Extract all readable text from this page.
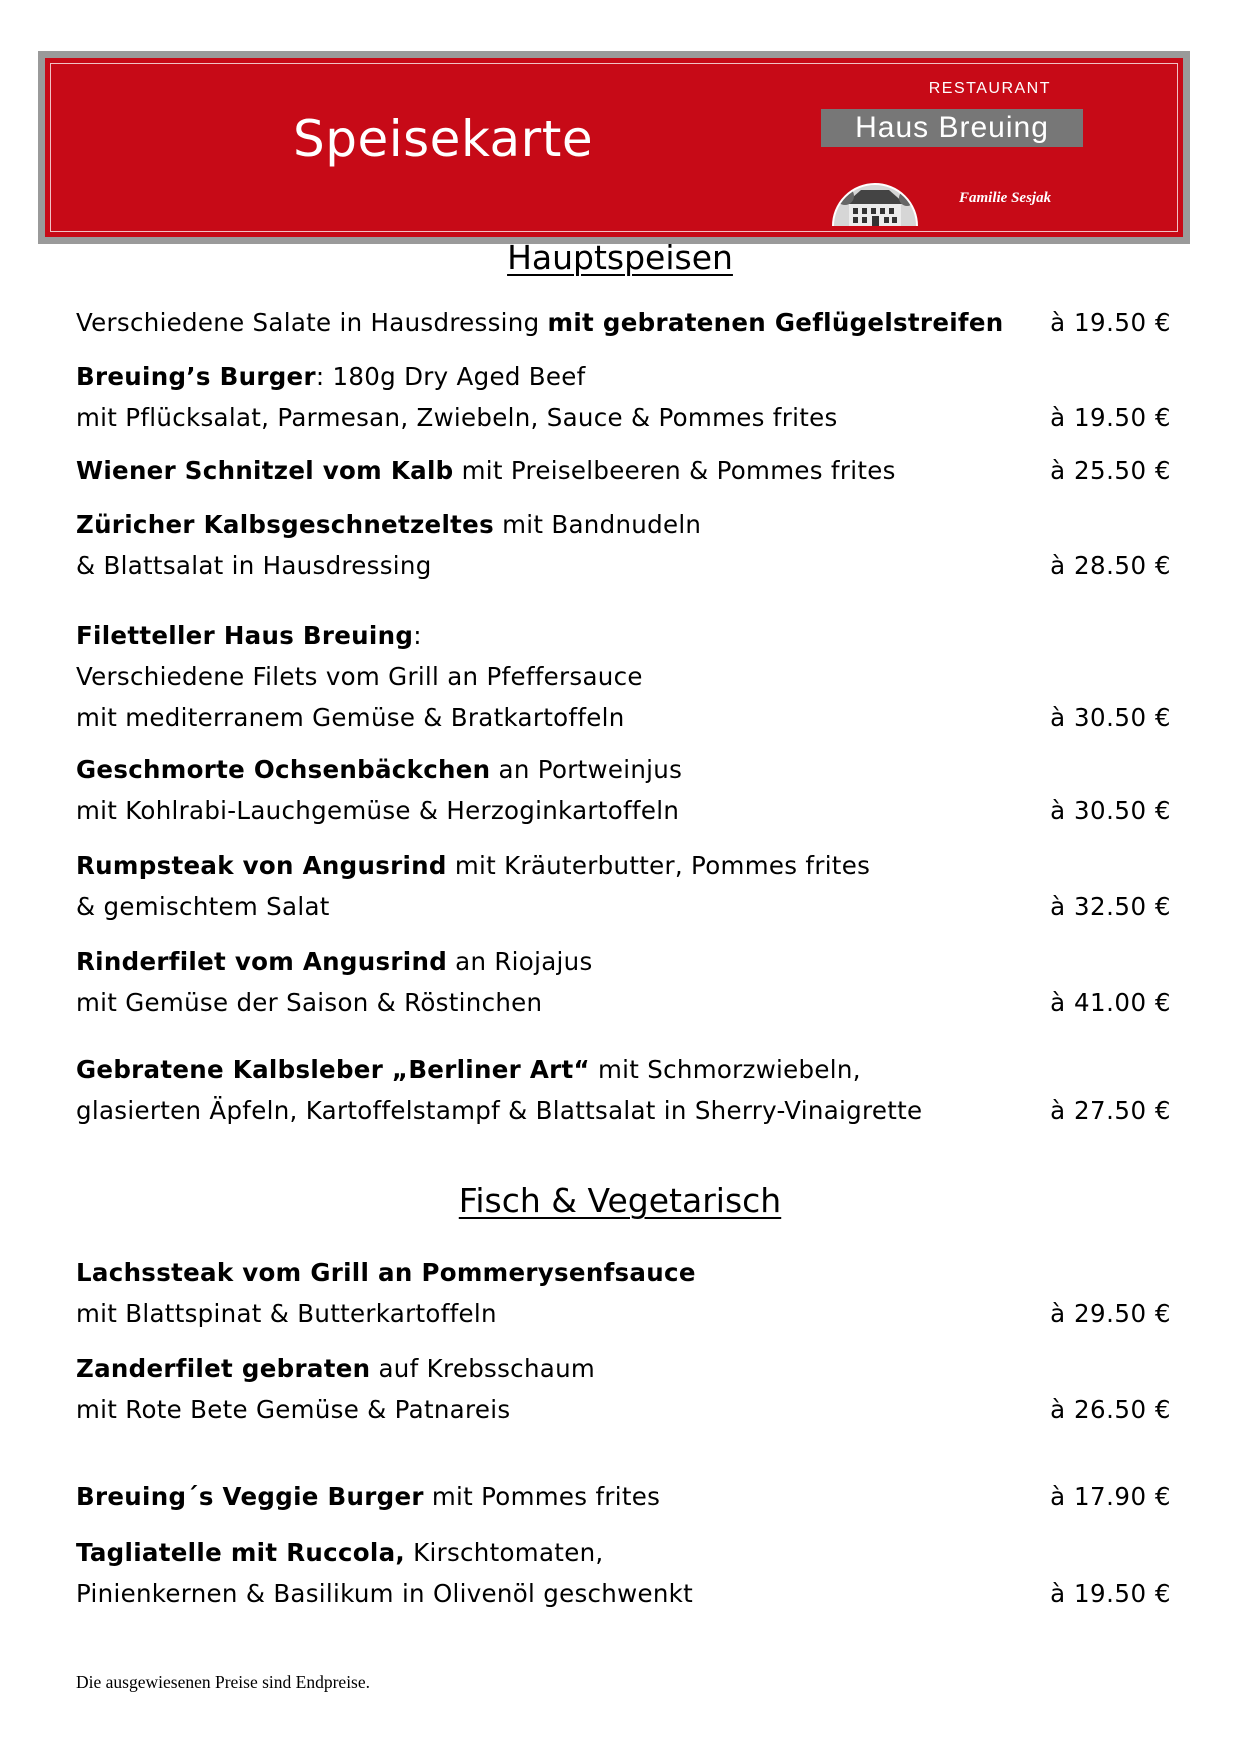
Speisekarte
RESTAURANT
Haus Breuing
Familie Sesjak
Hauptspeisen
Fisch & Vegetarisch
Verschiedene Salate in Hausdressing mit gebratenen Geflügelstreifen	à 19.50 €
Breuing’s Burger: 180g Dry Aged Beef
mit Pflücksalat, Parmesan, Zwiebeln, Sauce & Pommes frites	à 19.50 €
Wiener Schnitzel vom Kalb mit Preiselbeeren & Pommes frites	à 25.50 €
Züricher Kalbsgeschnetzeltes mit Bandnudeln
& Blattsalat in Hausdressing	à 28.50 €
Filetteller Haus Breuing:
Verschiedene Filets vom Grill an Pfeffersauce
mit mediterranem Gemüse & Bratkartoffeln	à 30.50 €
Geschmorte Ochsenbäckchen an Portweinjus
mit Kohlrabi-Lauchgemüse & Herzoginkartoffeln	à 30.50 €
Rumpsteak von Angusrind mit Kräuterbutter, Pommes frites
& gemischtem Salat	à 32.50 €
Rinderfilet vom Angusrind an Riojajus
mit Gemüse der Saison & Röstinchen	à 41.00 €
Gebratene Kalbsleber „Berliner Art“ mit Schmorzwiebeln,
glasierten Äpfeln, Kartoffelstampf & Blattsalat in Sherry-Vinaigrette	à 27.50 €
Lachssteak vom Grill an Pommerysenfsauce
mit Blattspinat & Butterkartoffeln	à 29.50 €
Zanderfilet gebraten auf Krebsschaum
mit Rote Bete Gemüse & Patnareis	à 26.50 €
Breuing´s Veggie Burger mit Pommes frites	à 17.90 €
Tagliatelle mit Ruccola, Kirschtomaten,
Pinienkernen & Basilikum in Olivenöl geschwenkt	à 19.50 €
Die ausgewiesenen Preise sind Endpreise.
